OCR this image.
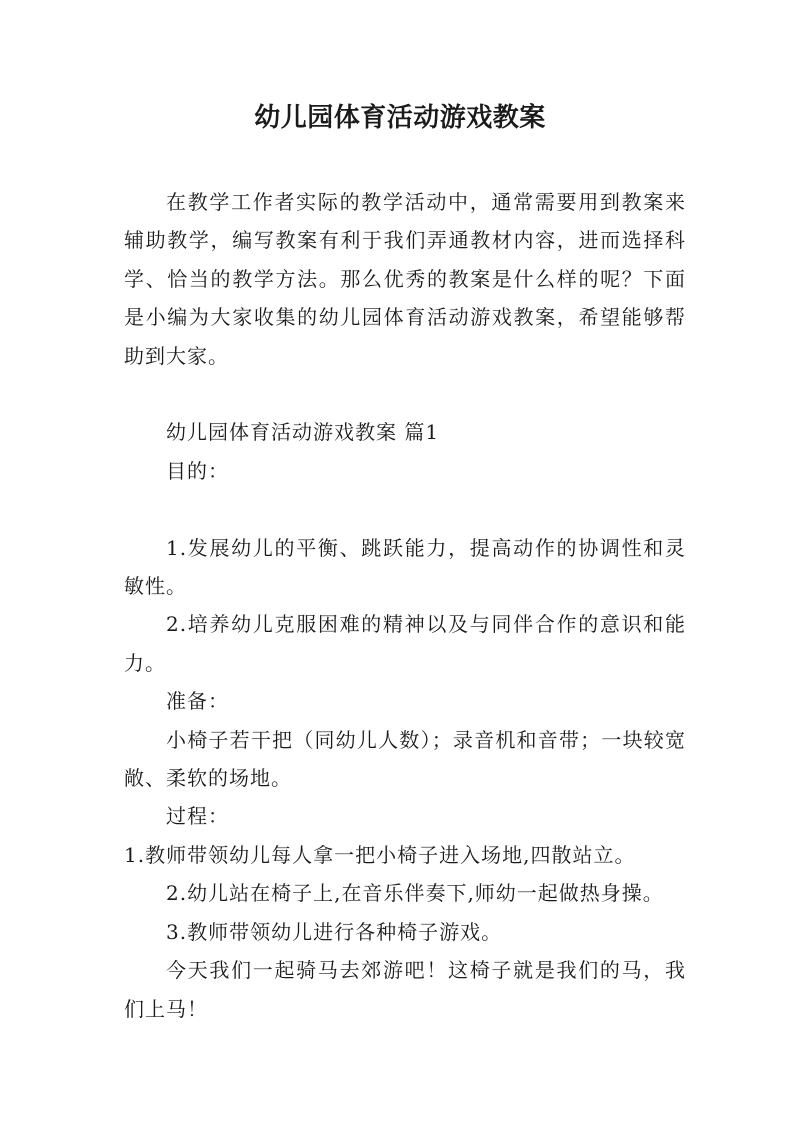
幼儿园体育活动游戏教案

在教学工作者实际的教学活动中，通常需要用到教案来辅助教学，编写教案有利于我们弄通教材内容，进而选择科学、恰当的教学方法。那么优秀的教案是什么样的呢？下面是小编为大家收集的幼儿园体育活动游戏教案，希望能够帮助到大家。

幼儿园体育活动游戏教案 篇1

目的：

1.发展幼儿的平衡、跳跃能力，提高动作的协调性和灵敏性。

2.培养幼儿克服困难的精神以及与同伴合作的意识和能力。

准备：

小椅子若干把（同幼儿人数）；录音机和音带；一块较宽敞、柔软的场地。

过程：

1.教师带领幼儿每人拿一把小椅子进入场地,四散站立。

2.幼儿站在椅子上,在音乐伴奏下,师幼一起做热身操。

3.教师带领幼儿进行各种椅子游戏。

今天我们一起骑马去郊游吧！这椅子就是我们的马，我们上马！
